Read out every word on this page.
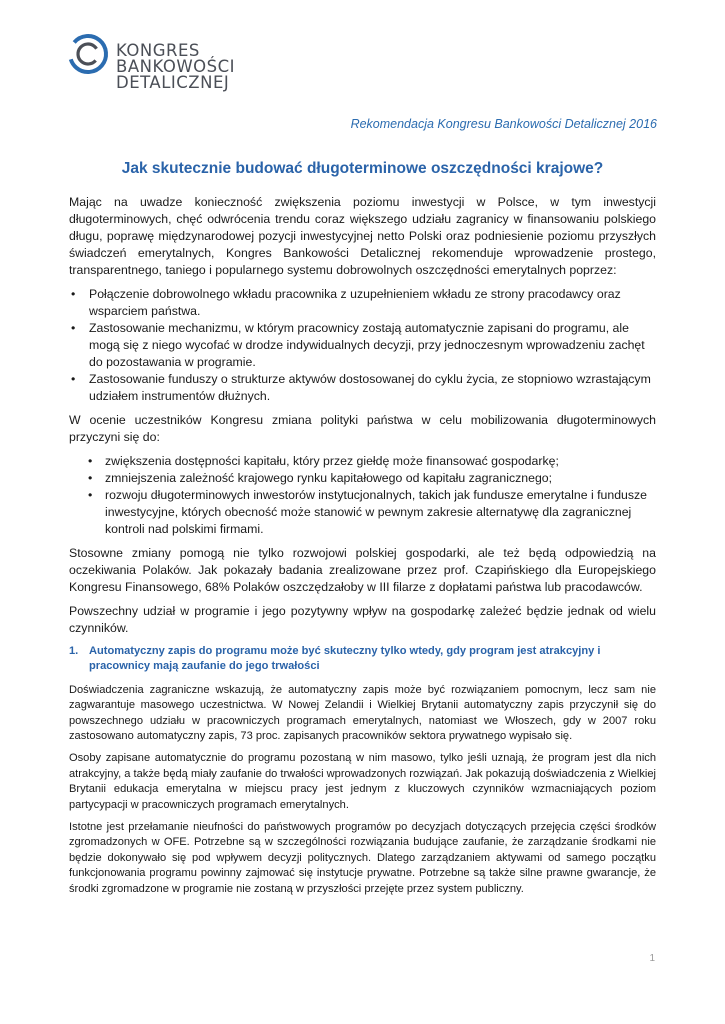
KONGRES
BANKOWOŚCI
DETALICZNEJ
Rekomendacja Kongresu Bankowości Detalicznej 2016
Jak skutecznie budować długoterminowe oszczędności krajowe?

Mając na uwadze konieczność zwiększenia poziomu inwestycji w Polsce, w tym inwestycji długoterminowych, chęć odwrócenia trendu coraz większego udziału zagranicy w finansowaniu polskiego długu, poprawę międzynarodowej pozycji inwestycyjnej netto Polski oraz podniesienie poziomu przyszłych świadczeń emerytalnych, Kongres Bankowości Detalicznej rekomenduje wprowadzenie prostego, transparentnego, taniego i popularnego systemu dobrowolnych oszczędności emerytalnych poprzez:

• Połączenie dobrowolnego wkładu pracownika z uzupełnieniem wkładu ze strony pracodawcy oraz wsparciem państwa.
• Zastosowanie mechanizmu, w którym pracownicy zostają automatycznie zapisani do programu, ale mogą się z niego wycofać w drodze indywidualnych decyzji, przy jednoczesnym wprowadzeniu zachęt do pozostawania w programie.
• Zastosowanie funduszy o strukturze aktywów dostosowanej do cyklu życia, ze stopniowo wzrastającym udziałem instrumentów dłużnych.

W ocenie uczestników Kongresu zmiana polityki państwa w celu mobilizowania długoterminowych przyczyni się do:

• zwiększenia dostępności kapitału, który przez giełdę może finansować gospodarkę;
• zmniejszenia zależność krajowego rynku kapitałowego od kapitału zagranicznego;
• rozwoju długoterminowych inwestorów instytucjonalnych, takich jak fundusze emerytalne i fundusze inwestycyjne, których obecność może stanowić w pewnym zakresie alternatywę dla zagranicznej kontroli nad polskimi firmami.

Stosowne zmiany pomogą nie tylko rozwojowi polskiej gospodarki, ale też będą odpowiedzią na oczekiwania Polaków. Jak pokazały badania zrealizowane przez prof. Czapińskiego dla Europejskiego Kongresu Finansowego, 68% Polaków oszczędzałoby w III filarze z dopłatami państwa lub pracodawców.

Powszechny udział w programie i jego pozytywny wpływ na gospodarkę zależeć będzie jednak od wielu czynników.

1. Automatyczny zapis do programu może być skuteczny tylko wtedy, gdy program jest atrakcyjny i pracownicy mają zaufanie do jego trwałości

Doświadczenia zagraniczne wskazują, że automatyczny zapis może być rozwiązaniem pomocnym, lecz sam nie zagwarantuje masowego uczestnictwa. W Nowej Zelandii i Wielkiej Brytanii automatyczny zapis przyczynił się do powszechnego udziału w pracowniczych programach emerytalnych, natomiast we Włoszech, gdy w 2007 roku zastosowano automatyczny zapis, 73 proc. zapisanych pracowników sektora prywatnego wypisało się.

Osoby zapisane automatycznie do programu pozostaną w nim masowo, tylko jeśli uznają, że program jest dla nich atrakcyjny, a także będą miały zaufanie do trwałości wprowadzonych rozwiązań. Jak pokazują doświadczenia z Wielkiej Brytanii edukacja emerytalna w miejscu pracy jest jednym z kluczowych czynników wzmacniających poziom partycypacji w pracowniczych programach emerytalnych.

Istotne jest przełamanie nieufności do państwowych programów po decyzjach dotyczących przejęcia części środków zgromadzonych w OFE. Potrzebne są w szczególności rozwiązania budujące zaufanie, że zarządzanie środkami nie będzie dokonywało się pod wpływem decyzji politycznych. Dlatego zarządzaniem aktywami od samego początku funkcjonowania programu powinny zajmować się instytucje prywatne. Potrzebne są także silne prawne gwarancje, że środki zgromadzone w programie nie zostaną w przyszłości przejęte przez system publiczny.

1
